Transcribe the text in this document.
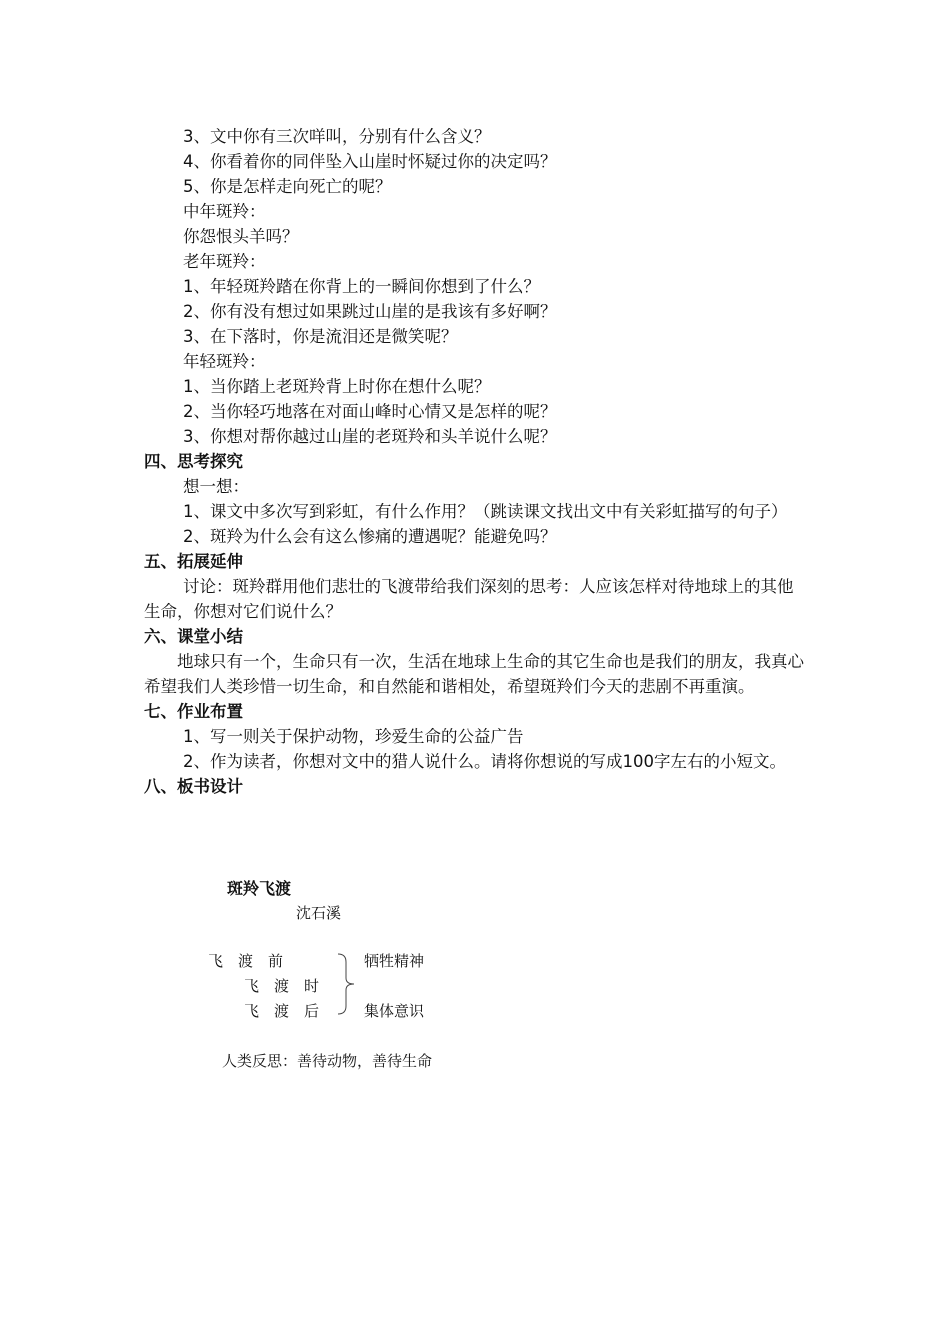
3、文中你有三次咩叫，分别有什么含义？
4、你看着你的同伴坠入山崖时怀疑过你的决定吗？
5、你是怎样走向死亡的呢？
中年斑羚：
你怨恨头羊吗？
老年斑羚：
1、年轻斑羚踏在你背上的一瞬间你想到了什么？
2、你有没有想过如果跳过山崖的是我该有多好啊？
3、在下落时，你是流泪还是微笑呢？
年轻斑羚：
1、当你踏上老斑羚背上时你在想什么呢？
2、当你轻巧地落在对面山峰时心情又是怎样的呢？
3、你想对帮你越过山崖的老斑羚和头羊说什么呢？
四、思考探究
想一想：
1、课文中多次写到彩虹，有什么作用？（跳读课文找出文中有关彩虹描写的句子）
2、斑羚为什么会有这么惨痛的遭遇呢？能避免吗？
五、拓展延伸
讨论：斑羚群用他们悲壮的飞渡带给我们深刻的思考：人应该怎样对待地球上的其他生命，你想对它们说什么？
六、课堂小结
地球只有一个，生命只有一次，生活在地球上生命的其它生命也是我们的朋友，我真心希望我们人类珍惜一切生命，和自然能和谐相处，希望斑羚们今天的悲剧不再重演。
七、作业布置
1、写一则关于保护动物，珍爱生命的公益广告
2、作为读者，你想对文中的猎人说什么。请将你想说的写成100字左右的小短文。
八、板书设计
斑羚飞渡
沈石溪
飞　渡　前
飞　渡　时
飞　渡　后
牺牲精神
集体意识
人类反思：善待动物，善待生命
